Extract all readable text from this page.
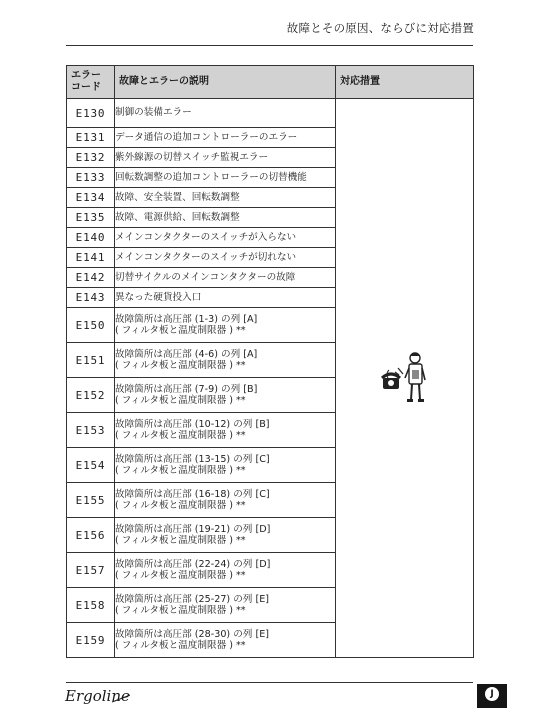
故障とその原因、ならびに対応措置
エラー
コード	故障とエラーの説明	対応措置
E130	制御の装備エラー

E131	データ通信の追加コントローラーのエラー	

E132	紫外線源の切替スイッチ監視エラー	

E133	回転数調整の追加コントローラーの切替機能	

E134	故障、安全装置、回転数調整	

E135	故障、電源供給、回転数調整	

E140	メインコンタクターのスイッチが入らない	

E141	メインコンタクターのスイッチが切れない	

E142	切替サイクルのメインコンタクターの故障	

E143	異なった硬貨投入口	

E150	故障箇所は高圧部 (1-3) の列 [A]
( フィルタ板と温度制限器 ) **	

E151	故障箇所は高圧部 (4-6) の列 [A]
( フィルタ板と温度制限器 ) **	

E152	故障箇所は高圧部 (7-9) の列 [B]
( フィルタ板と温度制限器 ) **	

E153	故障箇所は高圧部 (10-12) の列 [B]
( フィルタ板と温度制限器 ) **	

E154	故障箇所は高圧部 (13-15) の列 [C]
( フィルタ板と温度制限器 ) **	

E155	故障箇所は高圧部 (16-18) の列 [C]
( フィルタ板と温度制限器 ) **	

E156	故障箇所は高圧部 (19-21) の列 [D]
( フィルタ板と温度制限器 ) **	

E157	故障箇所は高圧部 (22-24) の列 [D]
( フィルタ板と温度制限器 ) **	

E158	故障箇所は高圧部 (25-27) の列 [E]
( フィルタ板と温度制限器 ) **	

E159	故障箇所は高圧部 (28-30) の列 [E]
( フィルタ板と温度制限器 ) **	
Ergoline	J
